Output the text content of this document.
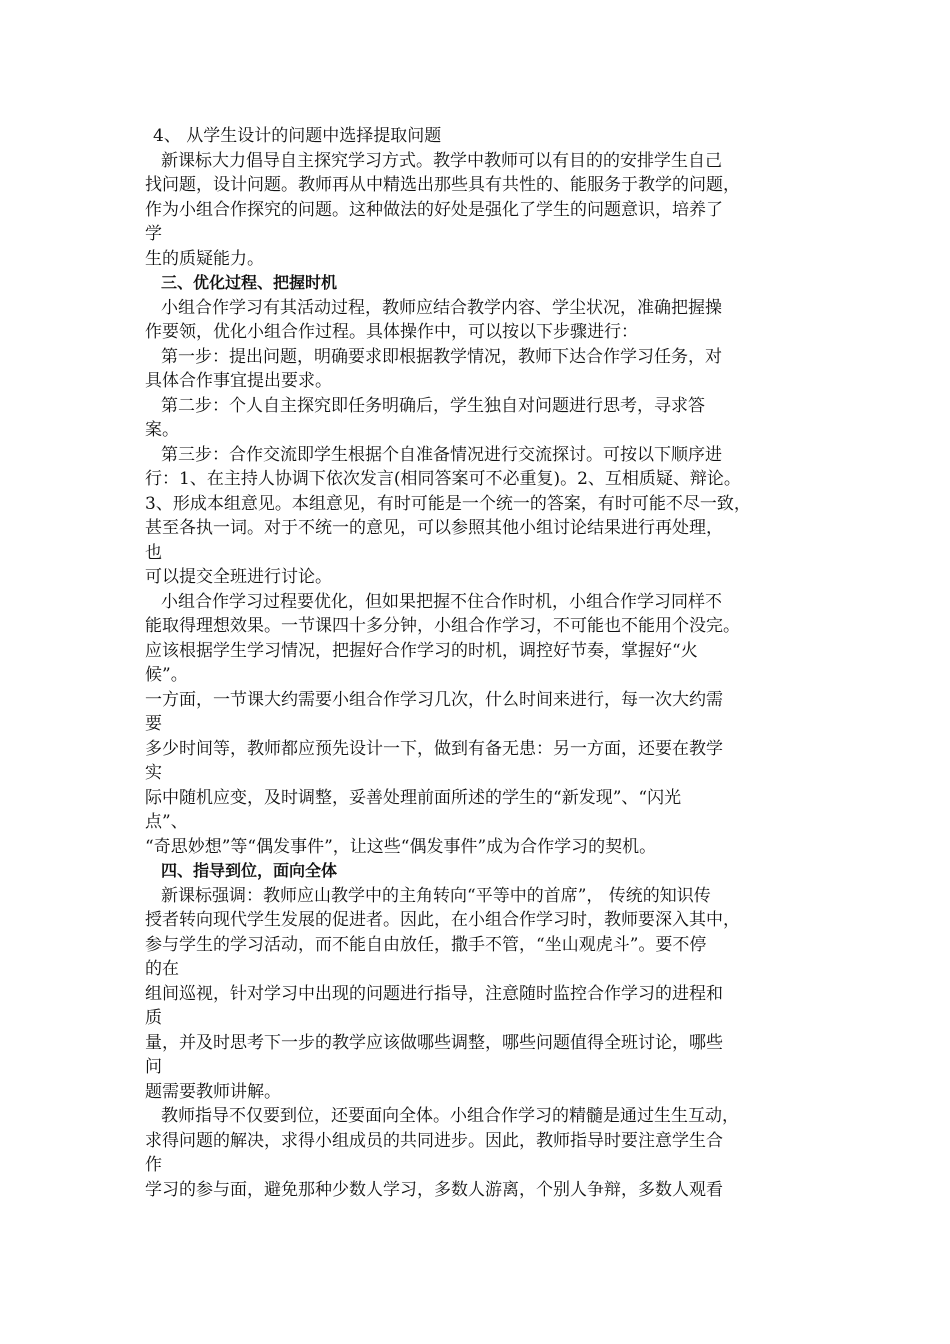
4、 从学生设计的问题中选择提取问题
新课标大力倡导自主探究学习方式。教学中教师可以有目的的安排学生自己
找问题，设计问题。教师再从中精选出那些具有共性的、能服务于教学的问题，
作为小组合作探究的问题。这种做法的好处是强化了学生的问题意识，培养了
学
生的质疑能力。
三、优化过程、把握时机
小组合作学习有其活动过程，教师应结合教学内容、学尘状况，准确把握操
作要领，优化小组合作过程。具体操作中，可以按以下步骤进行：
第一步：提出问题，明确要求即根据教学情况，教师下达合作学习任务，对
具体合作事宜提出要求。
第二步：个人自主探究即任务明确后，学生独自对问题进行思考，寻求答
案。
第三步：合作交流即学生根据个自准备情况进行交流探讨。可按以下顺序进
行：1、在主持人协调下依次发言(相同答案可不必重复)。2、互相质疑、辩论。
3、形成本组意见。本组意见，有时可能是一个统一的答案，有时可能不尽一致，
甚至各执一词。对于不统一的意见，可以参照其他小组讨论结果进行再处理，
也
可以提交全班进行讨论。
小组合作学习过程要优化，但如果把握不住合作时机，小组合作学习同样不
能取得理想效果。一节课四十多分钟，小组合作学习，不可能也不能用个没完。
应该根据学生学习情况，把握好合作学习的时机，调控好节奏，掌握好“火
候”。
一方面，一节课大约需要小组合作学习几次，什么时间来进行，每一次大约需
要
多少时间等，教师都应预先设计一下，做到有备无患：另一方面，还要在教学
实
际中随机应变，及时调整，妥善处理前面所述的学生的“新发现”、“闪光
点”、
“奇思妙想”等“偶发事件”，让这些“偶发事件”成为合作学习的契机。
四、指导到位，面向全体
新课标强调：教师应山教学中的主角转向“平等中的首席”， 传统的知识传
授者转向现代学生发展的促进者。因此，在小组合作学习时，教师要深入其中，
参与学生的学习活动，而不能自由放任，撒手不管，“坐山观虎斗”。要不停
的在
组间巡视，针对学习中出现的问题进行指导，注意随时监控合作学习的进程和
质
量，并及时思考下一步的教学应该做哪些调整，哪些问题值得全班讨论，哪些
问
题需要教师讲解。
教师指导不仅要到位，还要面向全体。小组合作学习的精髓是通过生生互动，
求得问题的解决，求得小组成员的共同进步。因此，教师指导时要注意学生合
作
学习的参与面，避免那种少数人学习，多数人游离，个别人争辩，多数人观看
